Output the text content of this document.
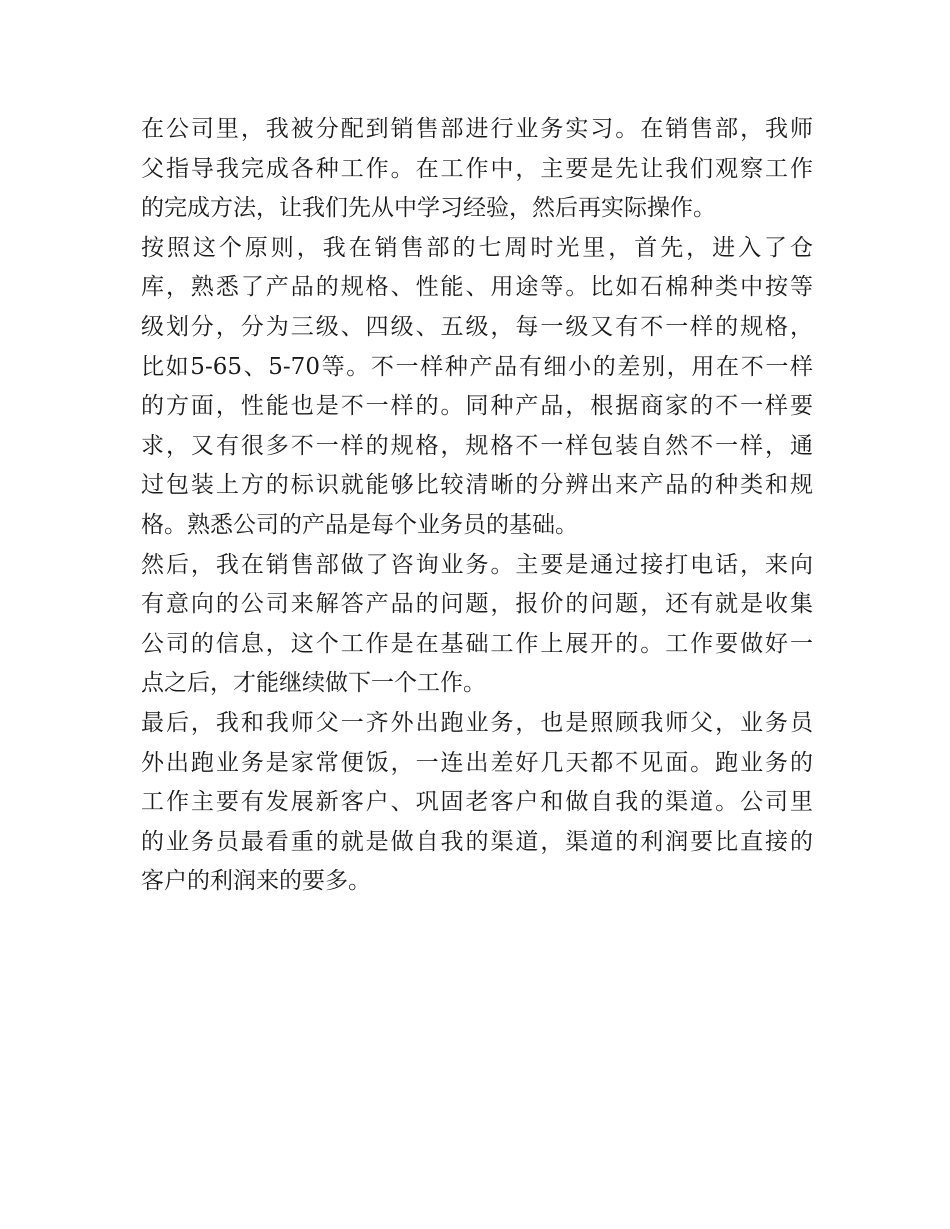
在公司里，我被分配到销售部进行业务实习。在销售部，我师
父指导我完成各种工作。在工作中，主要是先让我们观察工作
的完成方法，让我们先从中学习经验，然后再实际操作。
按照这个原则，我在销售部的七周时光里，首先，进入了仓
库，熟悉了产品的规格、性能、用途等。比如石棉种类中按等
级划分，分为三级、四级、五级，每一级又有不一样的规格，
比如5-65、5-70等。不一样种产品有细小的差别，用在不一样
的方面，性能也是不一样的。同种产品，根据商家的不一样要
求，又有很多不一样的规格，规格不一样包装自然不一样，通
过包装上方的标识就能够比较清晰的分辨出来产品的种类和规
格。熟悉公司的产品是每个业务员的基础。
然后，我在销售部做了咨询业务。主要是通过接打电话，来向
有意向的公司来解答产品的问题，报价的问题，还有就是收集
公司的信息，这个工作是在基础工作上展开的。工作要做好一
点之后，才能继续做下一个工作。
最后，我和我师父一齐外出跑业务，也是照顾我师父，业务员
外出跑业务是家常便饭，一连出差好几天都不见面。跑业务的
工作主要有发展新客户、巩固老客户和做自我的渠道。公司里
的业务员最看重的就是做自我的渠道，渠道的利润要比直接的
客户的利润来的要多。
